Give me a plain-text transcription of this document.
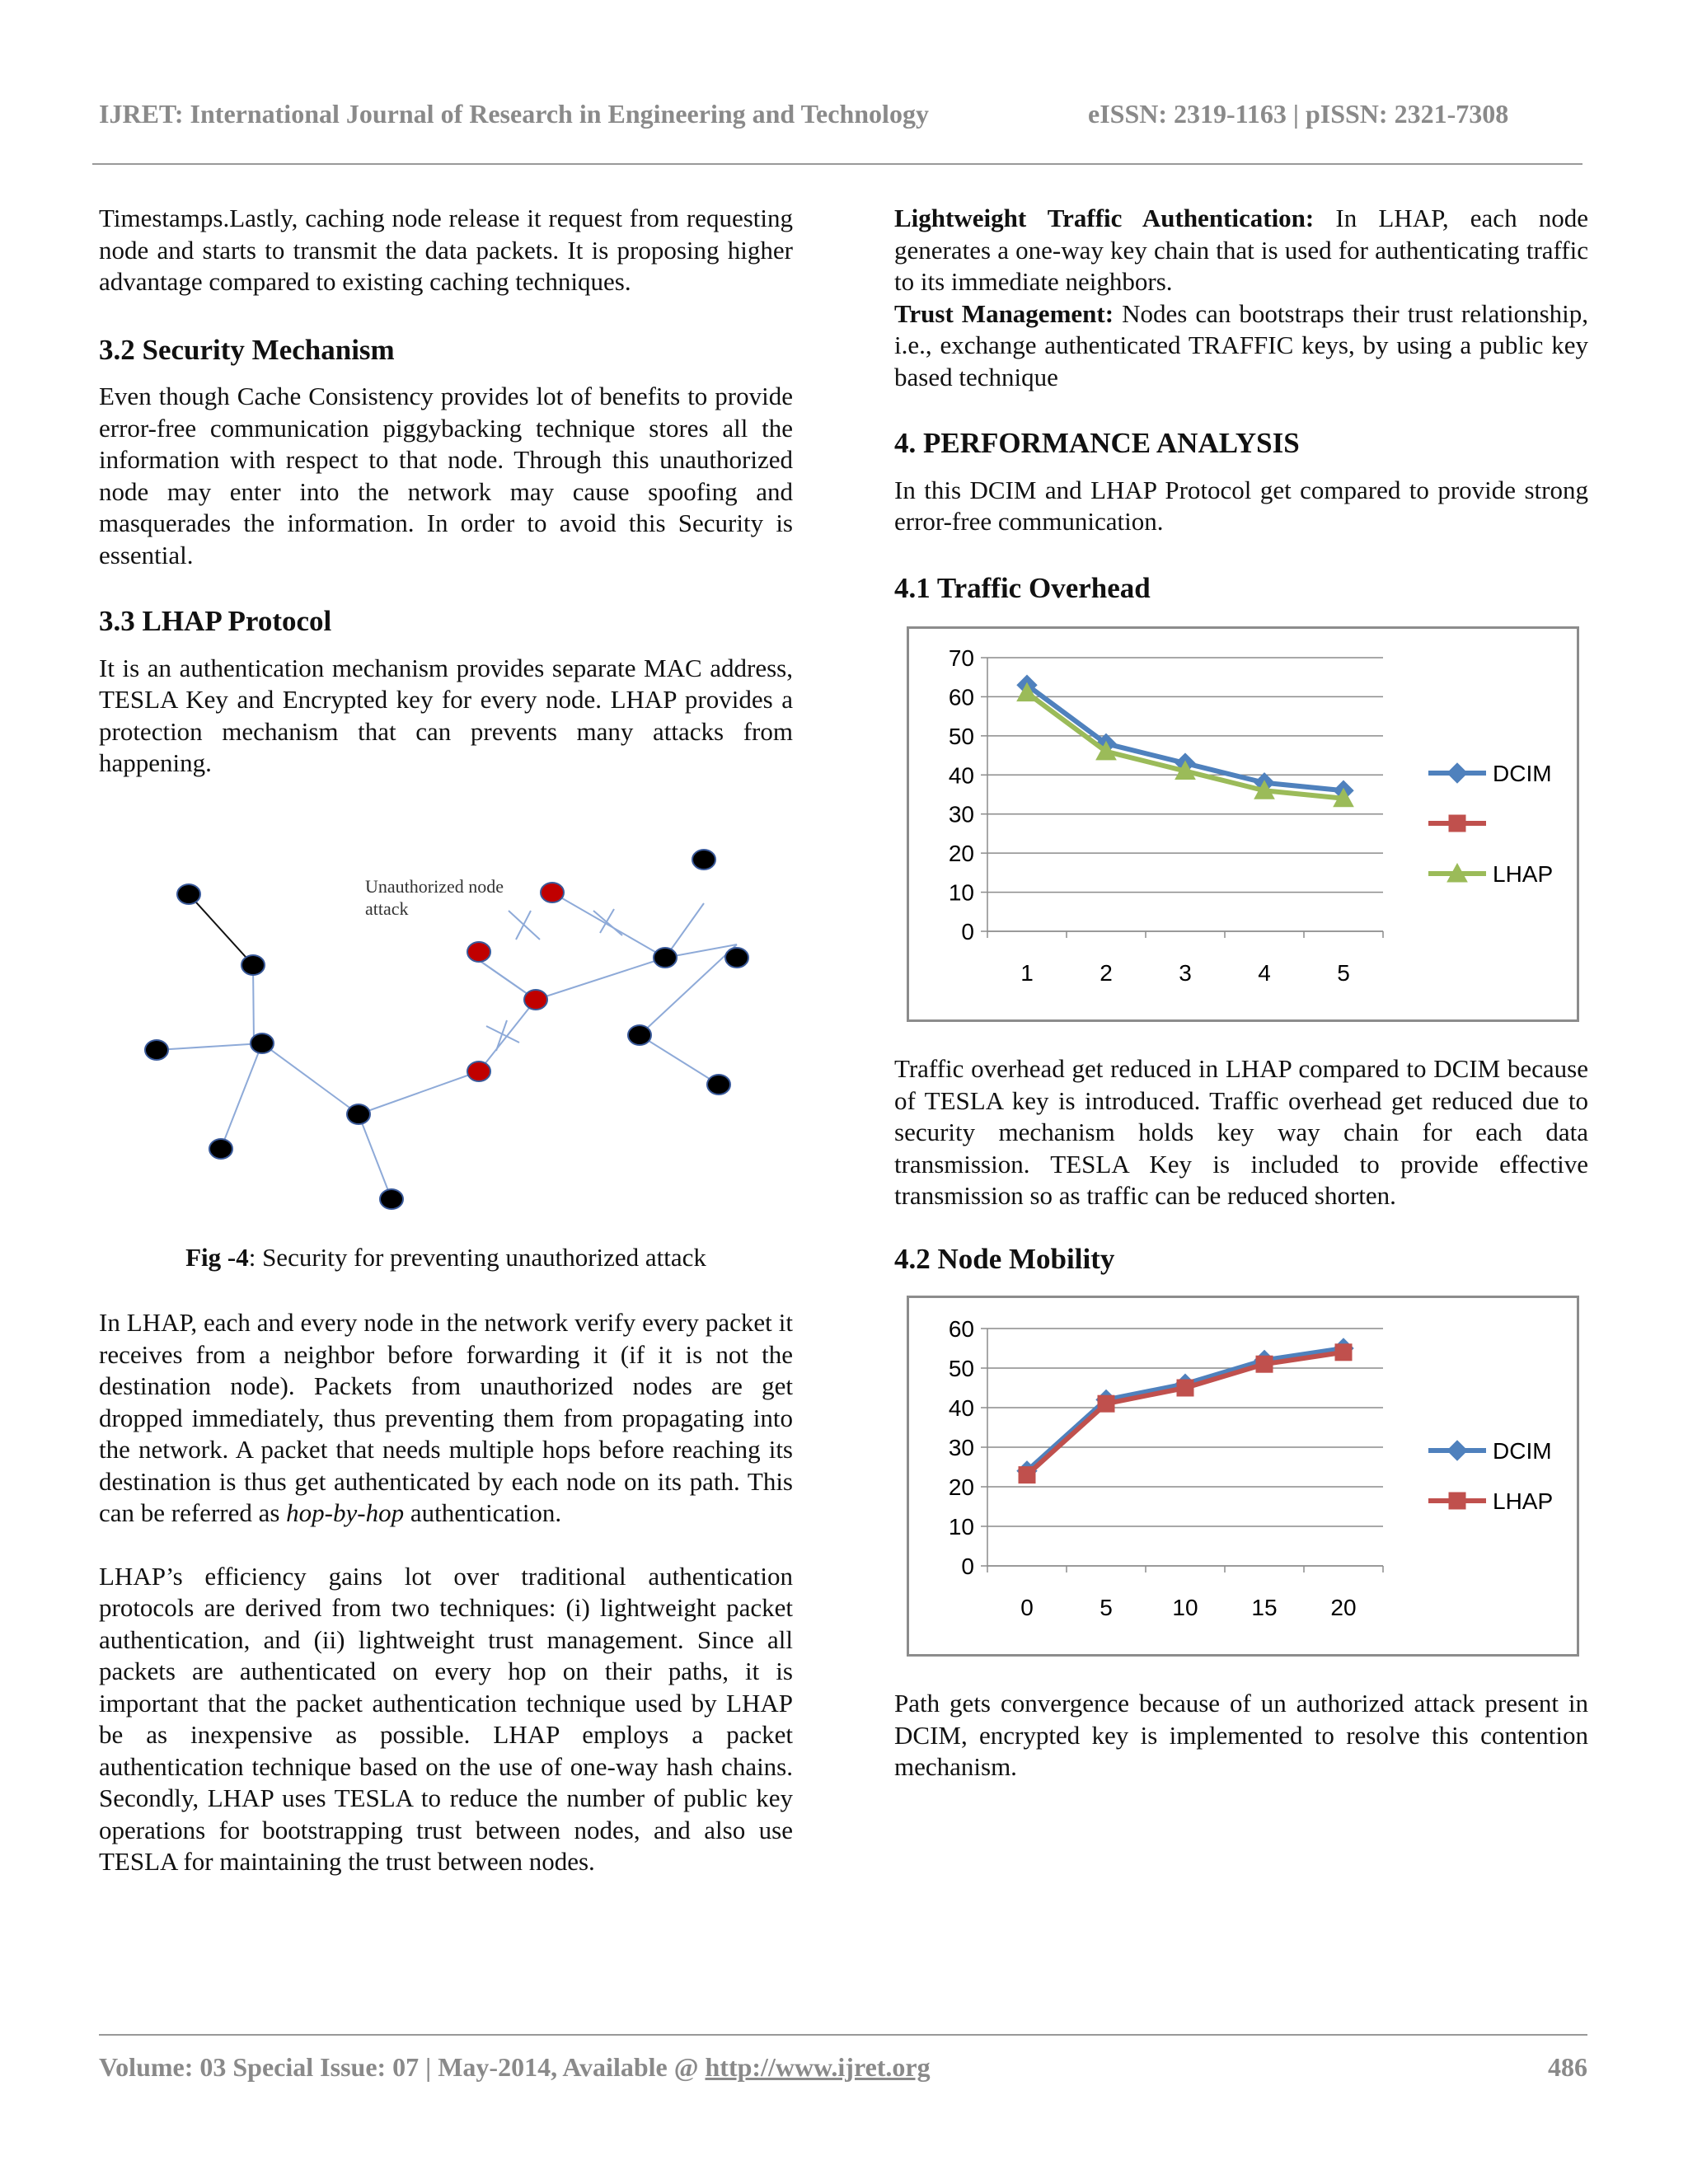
IJRET: International Journal of Research in Engineering and Technology	eISSN: 2319-1163 | pISSN: 2321-7308

Timestamps.Lastly, caching node release it request from requesting node and starts to transmit the data packets. It is proposing higher advantage compared to existing caching techniques.

3.2 Security Mechanism

Even though Cache Consistency provides lot of benefits to provide error-free communication piggybacking technique stores all the information with respect to that node. Through this unauthorized node may enter into the network may cause spoofing and masquerades the information. In order to avoid this Security is essential.

3.3 LHAP Protocol

It is an authentication mechanism provides separate MAC address, TESLA Key and Encrypted key for every node. LHAP provides a protection mechanism that can prevents many attacks from happening.

Unauthorized node
attack
Fig -4: Security for preventing unauthorized attack

In LHAP, each and every node in the network verify every packet it receives from a neighbor before forwarding it (if it is not the destination node). Packets from unauthorized nodes are get dropped immediately, thus preventing them from propagating into the network. A packet that needs multiple hops before reaching its destination is thus get authenticated by each node on its path. This can be referred as hop-by-hop authentication.

LHAP’s efficiency gains lot over traditional authentication protocols are derived from two techniques: (i) lightweight packet authentication, and (ii) lightweight trust management. Since all packets are authenticated on every hop on their paths, it is important that the packet authentication technique used by LHAP be as inexpensive as possible. LHAP employs a packet authentication technique based on the use of one-way hash chains. Secondly, LHAP uses TESLA to reduce the number of public key operations for bootstrapping trust between nodes, and also use TESLA for maintaining the trust between nodes.

Lightweight Traffic Authentication: In LHAP, each node generates a one-way key chain that is used for authenticating traffic to its immediate neighbors.

Trust Management: Nodes can bootstraps their trust relationship, i.e., exchange authenticated TRAFFIC keys, by using a public key based technique

4. PERFORMANCE ANALYSIS

In this DCIM and LHAP Protocol get compared to provide strong error-free communication.

4.1 Traffic Overhead
0
10
20
30
40
50
60
70
1	2	3	4	5
DCIM
LHAP

Traffic overhead get reduced in LHAP compared to DCIM because of TESLA key is introduced. Traffic overhead get reduced due to security mechanism holds key way chain for each data transmission. TESLA Key is included to provide effective transmission so as traffic can be reduced shorten.

4.2 Node Mobility
0
10
20
30
40
50
60
0	5	10 15 20
DCIM
LHAP

Path gets convergence because of un authorized attack present in DCIM, encrypted key is implemented to resolve this contention mechanism.

Volume: 03 Special Issue: 07 | May-2014, Available @ http://www.ijret.org	486
